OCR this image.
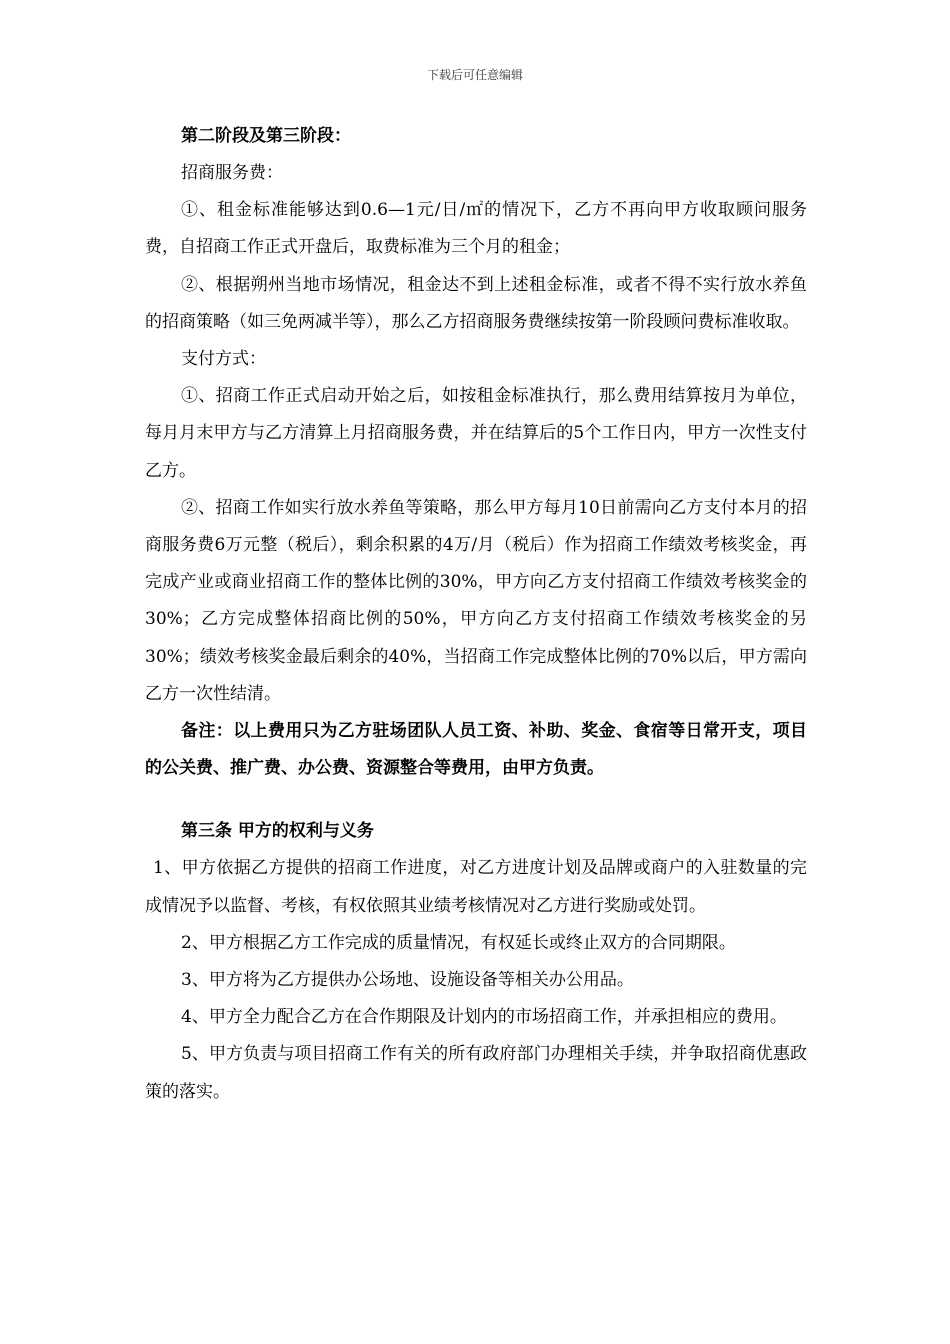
下载后可任意编辑

第二阶段及第三阶段：

招商服务费：

①、租金标准能够达到0.6—1元/日/㎡的情况下，乙方不再向甲方收取顾问服务费，自招商工作正式开盘后，取费标准为三个月的租金；

②、根据朔州当地市场情况，租金达不到上述租金标准，或者不得不实行放水养鱼的招商策略（如三免两减半等），那么乙方招商服务费继续按第一阶段顾问费标准收取。

支付方式：

①、招商工作正式启动开始之后，如按租金标准执行，那么费用结算按月为单位，每月月末甲方与乙方清算上月招商服务费，并在结算后的5个工作日内，甲方一次性支付乙方。

②、招商工作如实行放水养鱼等策略，那么甲方每月10日前需向乙方支付本月的招商服务费6万元整（税后），剩余积累的4万/月（税后）作为招商工作绩效考核奖金，再完成产业或商业招商工作的整体比例的30%，甲方向乙方支付招商工作绩效考核奖金的30%；乙方完成整体招商比例的50%，甲方向乙方支付招商工作绩效考核奖金的另30%；绩效考核奖金最后剩余的40%，当招商工作完成整体比例的70%以后，甲方需向乙方一次性结清。

备注：以上费用只为乙方驻场团队人员工资、补助、奖金、食宿等日常开支，项目的公关费、推广费、办公费、资源整合等费用，由甲方负责。

第三条 甲方的权利与义务

1、甲方依据乙方提供的招商工作进度，对乙方进度计划及品牌或商户的入驻数量的完成情况予以监督、考核，有权依照其业绩考核情况对乙方进行奖励或处罚。

2、甲方根据乙方工作完成的质量情况，有权延长或终止双方的合同期限。

3、甲方将为乙方提供办公场地、设施设备等相关办公用品。

4、甲方全力配合乙方在合作期限及计划内的市场招商工作，并承担相应的费用。

5、甲方负责与项目招商工作有关的所有政府部门办理相关手续，并争取招商优惠政策的落实。
